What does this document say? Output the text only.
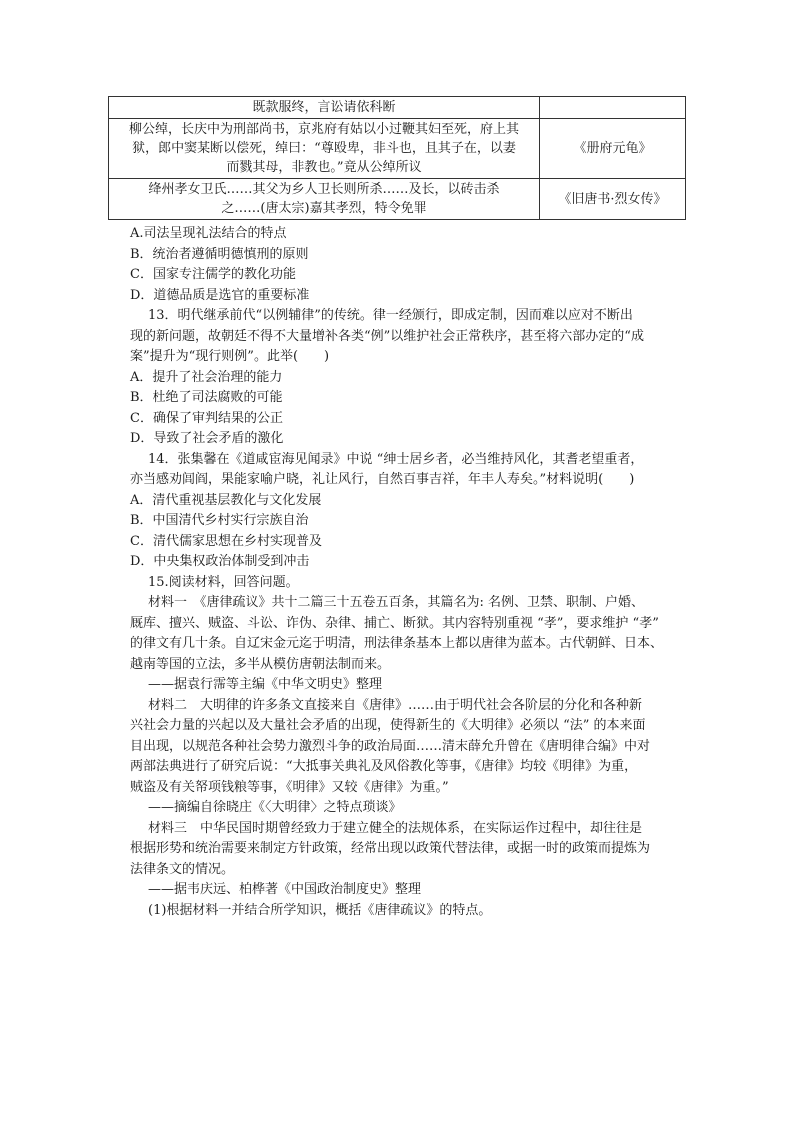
既款服终，言讼请依科断	

柳公绰，长庆中为刑部尚书，京兆府有姑以小过鞭其妇至死，府上其
狱，郎中窦某断以偿死，绰曰：“尊殴卑，非斗也，且其子在，以妻
而戮其母，非教也。”竟从公绰所议	《册府元龟》

绛州孝女卫氏……其父为乡人卫长则所杀……及长，以砖击杀
之……(唐太宗)嘉其孝烈，特令免罪	《旧唐书·烈女传》
A.司法呈现礼法结合的特点
B．统治者遵循明德慎刑的原则
C．国家专注儒学的教化功能
D．道德品质是选官的重要标准
13．明代继承前代“以例辅律”的传统。律一经颁行，即成定制，因而难以应对不断出
现的新问题，故朝廷不得不大量增补各类“例”以维护社会正常秩序，甚至将六部办定的“成
案”提升为“现行则例”。此举(　　)
A．提升了社会治理的能力
B．杜绝了司法腐败的可能
C．确保了审判结果的公正
D．导致了社会矛盾的激化
14．张集馨在《道咸宦海见闻录》中说 “绅士居乡者，必当维持风化，其耆老望重者，
亦当感劝闾阎，果能家喻户晓，礼让风行，自然百事吉祥，年丰人寿矣。”材料说明(　　)
A．清代重视基层教化与文化发展
B．中国清代乡村实行宗族自治
C．清代儒家思想在乡村实现普及
D．中央集权政治体制受到冲击
15.阅读材料，回答问题。
材料一　《唐律疏议》共十二篇三十五卷五百条，其篇名为: 名例、卫禁、职制、户婚、
厩库、擅兴、贼盗、斗讼、诈伪、杂律、捕亡、断狱。其内容特别重视 “孝”，要求维护 “孝”
的律文有几十条。自辽宋金元迄于明清，刑法律条基本上都以唐律为蓝本。古代朝鲜、日本、
越南等国的立法，多半从模仿唐朝法制而来。
——据袁行霈等主编《中华文明史》整理
材料二　大明律的许多条文直接来自《唐律》……由于明代社会各阶层的分化和各种新
兴社会力量的兴起以及大量社会矛盾的出现，使得新生的《大明律》必须以 “法” 的本来面
目出现，以规范各种社会势力激烈斗争的政治局面……清末薛允升曾在《唐明律合编》中对
两部法典进行了研究后说：“大抵事关典礼及风俗教化等事，《唐律》均较《明律》为重，
贼盗及有关帑项钱粮等事，《明律》又较《唐律》为重。”
——摘编自徐晓庄《〈大明律〉之特点琐谈》
材料三　中华民国时期曾经致力于建立健全的法规体系，在实际运作过程中，却往往是
根据形势和统治需要来制定方针政策，经常出现以政策代替法律，或据一时的政策而提炼为
法律条文的情况。
——据韦庆远、柏桦著《中国政治制度史》整理
(1)根据材料一并结合所学知识，概括《唐律疏议》的特点。
